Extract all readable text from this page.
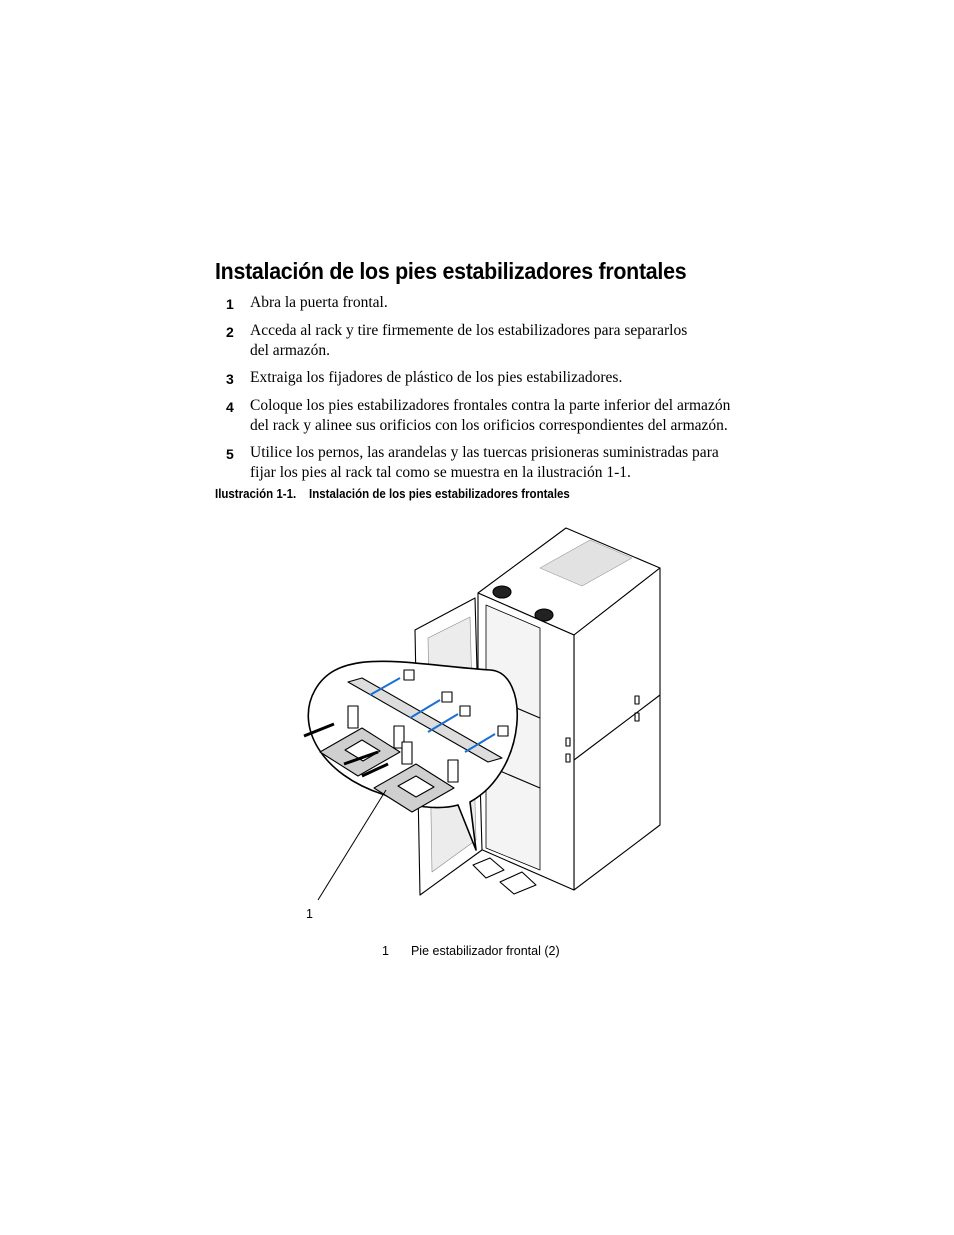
Instalación de los pies estabilizadores frontales
1	Abra la puerta frontal.
2	Acceda al rack y tire firmemente de los estabilizadores para separarlos del armazón.
3	Extraiga los fijadores de plástico de los pies estabilizadores.
4	Coloque los pies estabilizadores frontales contra la parte inferior del armazón del rack y alinee sus orificios con los orificios correspondientes del armazón.
5	Utilice los pernos, las arandelas y las tuercas prisioneras suministradas para fijar los pies al rack tal como se muestra en la ilustración 1-1.

Ilustración 1-1. Instalación de los pies estabilizadores frontales

1
1 Pie estabilizador frontal (2)
